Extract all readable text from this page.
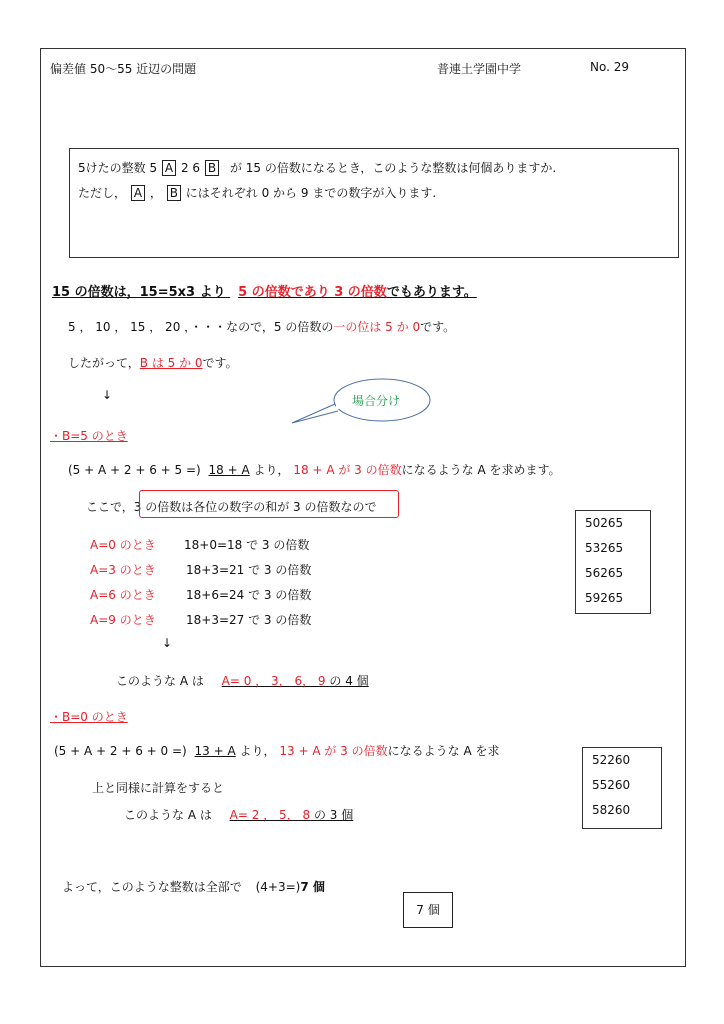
偏差値 50〜55 近辺の問題	普連土学園中学	No. 29
5けたの整数 5 A 2 6 B が 15 の倍数になるとき，このような整数は何個ありますか.
ただし， A ， B にはそれぞれ 0 から 9 までの数字が入ります.
15 の倍数は，15=5x3 より 5 の倍数であり 3 の倍数でもあります。
5 ， 10 ， 15 ， 20 ，・・・なので，5 の倍数の一の位は 5 か 0です。
したがって，B は 5 か 0です。
↓	場合分け
・B=5 のとき
(5 + A + 2 + 6 + 5 =) 18 + A より， 18 + A が 3 の倍数になるような A を求めます。
ここで，3 の倍数は各位の数字の和が 3 の倍数なので
A=0 のとき 18+0=18 で 3 の倍数
A=3 のとき	18+3=21 で 3 の倍数
A=6 のとき	18+6=24 で 3 の倍数
A=9 のとき	18+3=27 で 3 の倍数
↓
このような A は A= 0 ， 3， 6， 9 の 4 個
50265
53265
56265
59265
・B=0 のとき
(5 + A + 2 + 6 + 0 =) 13 + A より， 13 + A が 3 の倍数になるような A を求
52260
55260
58260
上と同様に計算をすると
このような A は A= 2 ， 5， 8 の 3 個
よって，このような整数は全部で (4+3=)7 個
7 個
